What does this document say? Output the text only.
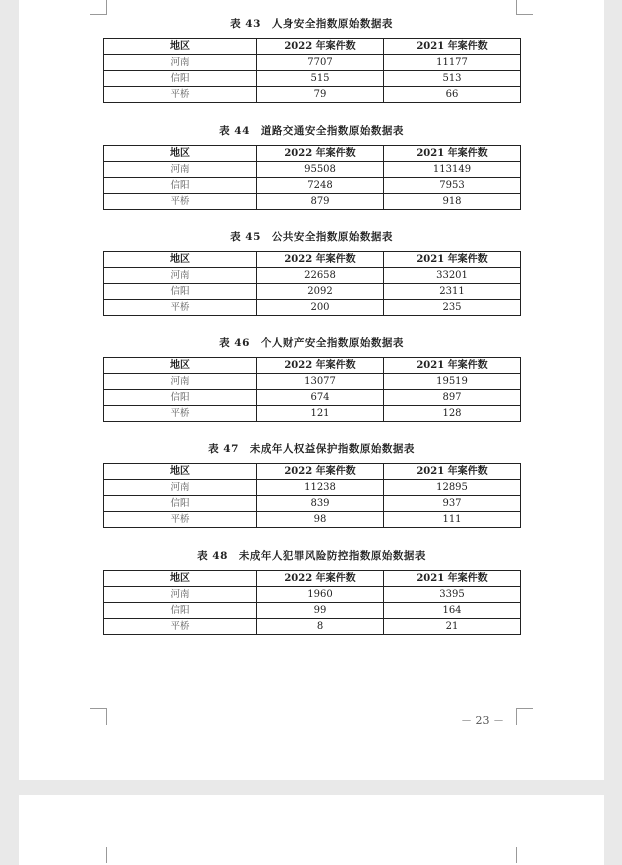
表 43　人身安全指数原始数据表
地区	2022 年案件数	2021 年案件数
河南	7707	11177
信阳	515	513
平桥	79	66
表 44　道路交通安全指数原始数据表
地区	2022 年案件数	2021 年案件数
河南	95508	113149
信阳	7248	7953
平桥	879	918
表 45　公共安全指数原始数据表
地区	2022 年案件数	2021 年案件数
河南	22658	33201
信阳	2092	2311
平桥	200	235
表 46　个人财产安全指数原始数据表
地区	2022 年案件数	2021 年案件数
河南	13077	19519
信阳	674	897
平桥	121	128
表 47　未成年人权益保护指数原始数据表
地区	2022 年案件数	2021 年案件数
河南	11238	12895
信阳	839	937
平桥	98	111
表 48　未成年人犯罪风险防控指数原始数据表
地区	2022 年案件数	2021 年案件数
河南	1960	3395
信阳	99	164
平桥	8	21
－ 23 －
